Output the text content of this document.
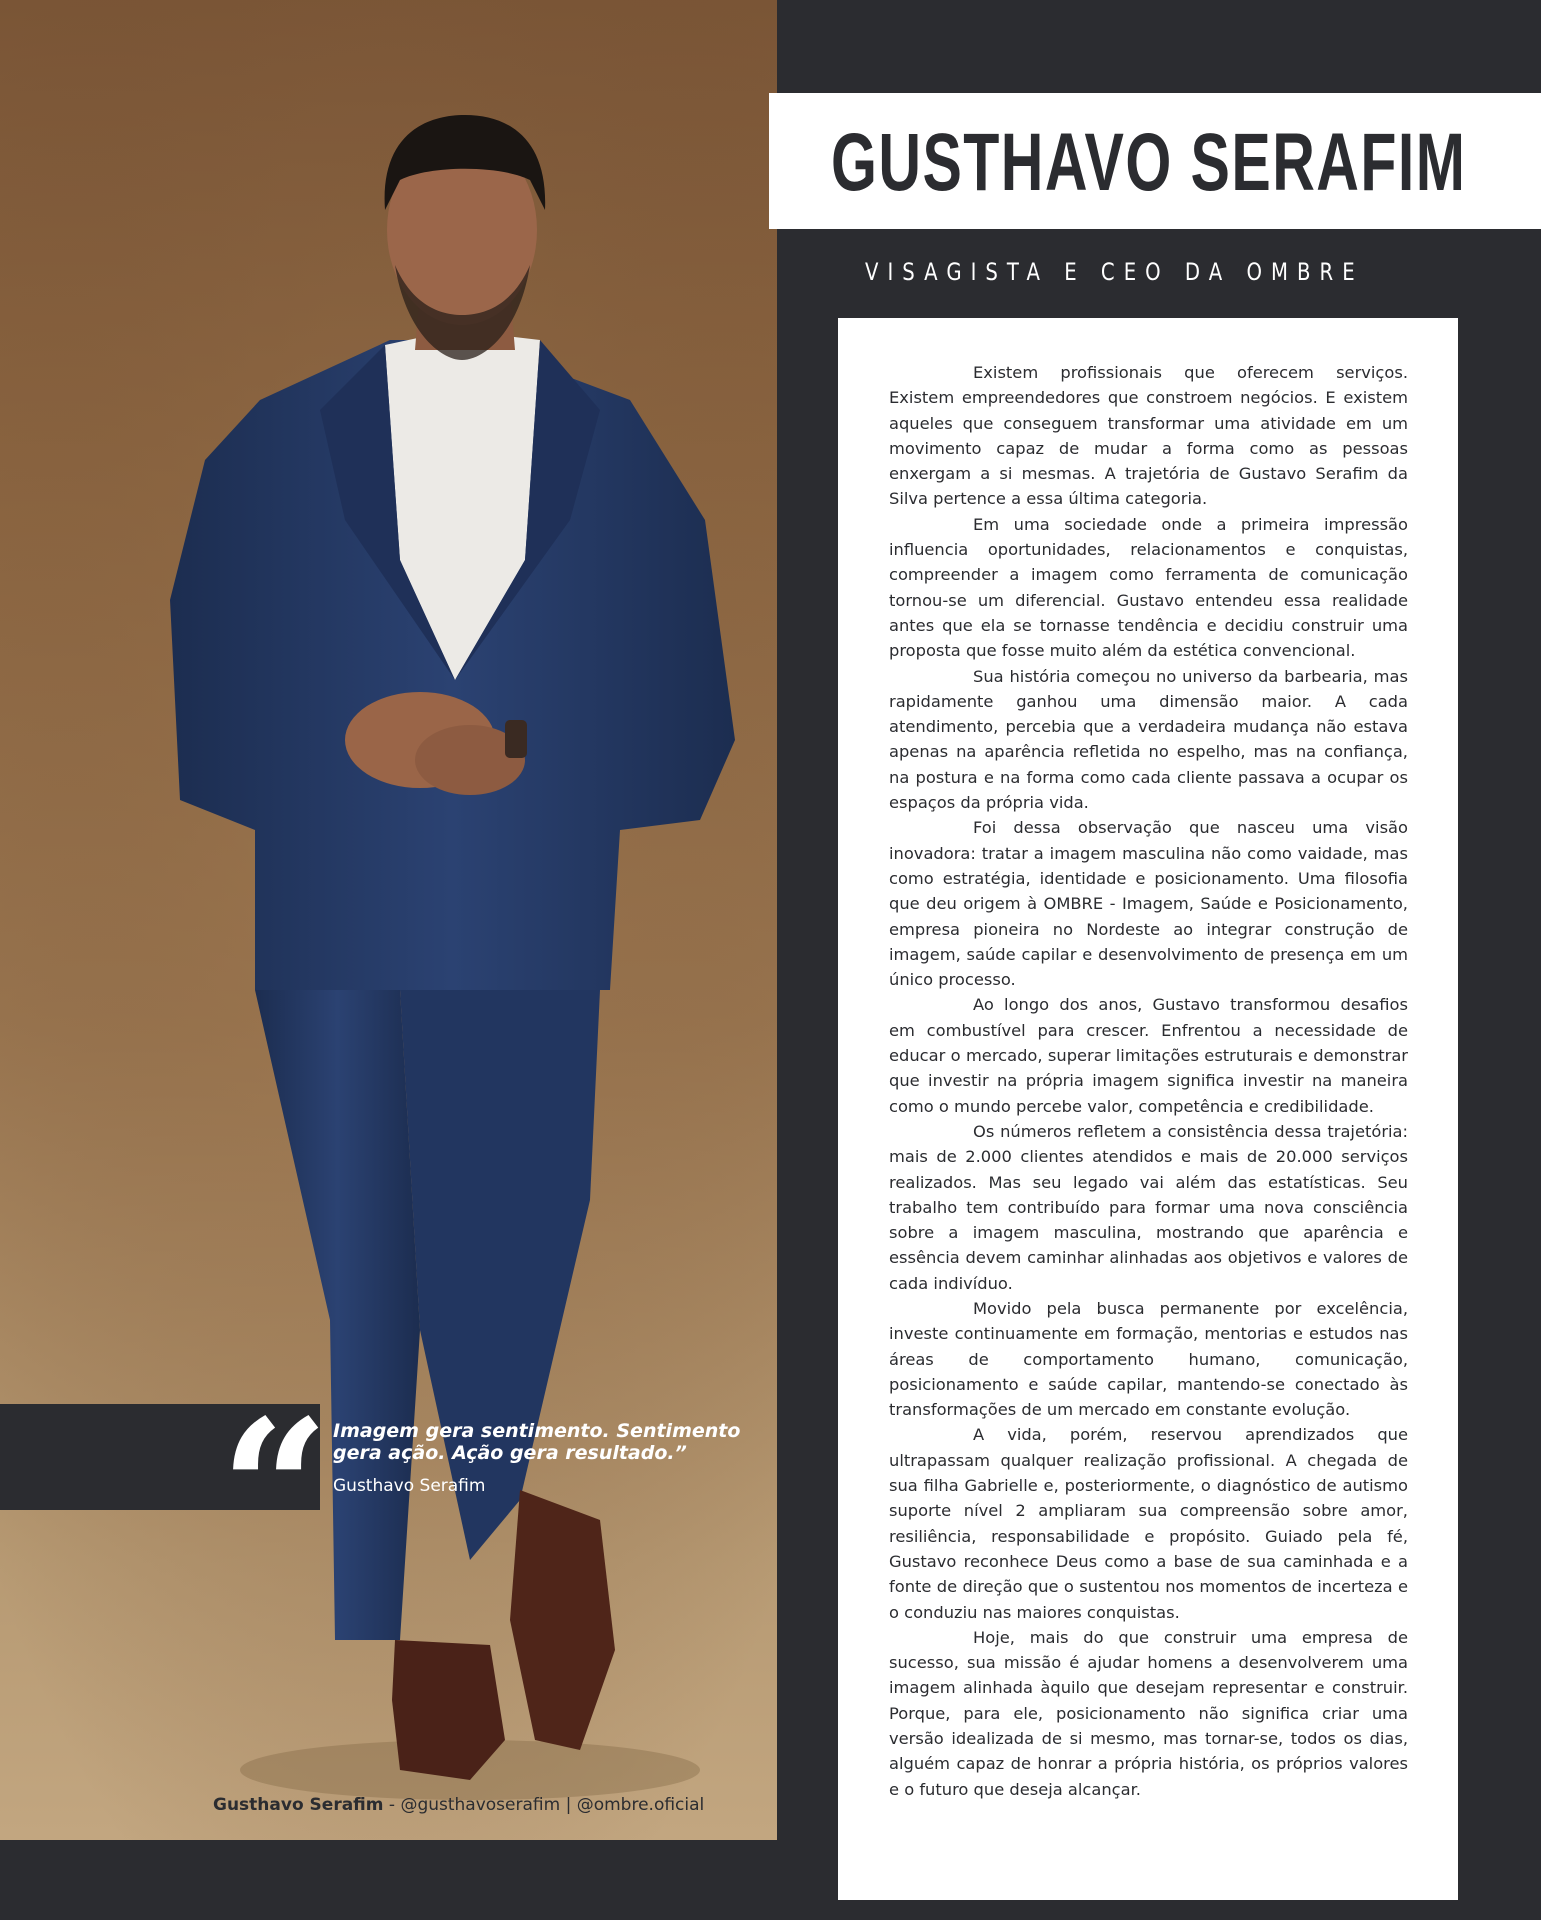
“ Imagem gera sentimento. Sentimento gera ação. Ação gera resultado.”
Gusthavo Serafim
Gusthavo Serafim - @gusthavoserafim | @ombre.oficial
GUSTHAVO SERAFIM
VISAGISTA E CEO DA OMBRE

Existem profissionais que oferecem serviços. Existem empreendedores que constroem negócios. E existem aqueles que conseguem transformar uma atividade em um movimento capaz de mudar a forma como as pessoas enxergam a si mesmas. A trajetória de Gustavo Serafim da Silva pertence a essa última categoria.

Em uma sociedade onde a primeira impressão influencia oportunidades, relacionamentos e conquistas, compreender a imagem como ferramenta de comunicação tornou-se um diferencial. Gustavo entendeu essa realidade antes que ela se tornasse tendência e decidiu construir uma proposta que fosse muito além da estética convencional.

Sua história começou no universo da barbearia, mas rapidamente ganhou uma dimensão maior. A cada atendimento, percebia que a verdadeira mudança não estava apenas na aparência refletida no espelho, mas na confiança, na postura e na forma como cada cliente passava a ocupar os espaços da própria vida.

Foi dessa observação que nasceu uma visão inovadora: tratar a imagem masculina não como vaidade, mas como estratégia, identidade e posicionamento. Uma filosofia que deu origem à OMBRE - Imagem, Saúde e Posicionamento, empresa pioneira no Nordeste ao integrar construção de imagem, saúde capilar e desenvolvimento de presença em um único processo.

Ao longo dos anos, Gustavo transformou desafios em combustível para crescer. Enfrentou a necessidade de educar o mercado, superar limitações estruturais e demonstrar que investir na própria imagem significa investir na maneira como o mundo percebe valor, competência e credibilidade.

Os números refletem a consistência dessa trajetória: mais de 2.000 clientes atendidos e mais de 20.000 serviços realizados. Mas seu legado vai além das estatísticas. Seu trabalho tem contribuído para formar uma nova consciência sobre a imagem masculina, mostrando que aparência e essência devem caminhar alinhadas aos objetivos e valores de cada indivíduo.

Movido pela busca permanente por excelência, investe continuamente em formação, mentorias e estudos nas áreas de comportamento humano, comunicação, posicionamento e saúde capilar, mantendo-se conectado às transformações de um mercado em constante evolução.

A vida, porém, reservou aprendizados que ultrapassam qualquer realização profissional. A chegada de sua filha Gabrielle e, posteriormente, o diagnóstico de autismo suporte nível 2 ampliaram sua compreensão sobre amor, resiliência, responsabilidade e propósito. Guiado pela fé, Gustavo reconhece Deus como a base de sua caminhada e a fonte de direção que o sustentou nos momentos de incerteza e o conduziu nas maiores conquistas.

Hoje, mais do que construir uma empresa de sucesso, sua missão é ajudar homens a desenvolverem uma imagem alinhada àquilo que desejam representar e construir. Porque, para ele, posicionamento não significa criar uma versão idealizada de si mesmo, mas tornar-se, todos os dias, alguém capaz de honrar a própria história, os próprios valores e o futuro que deseja alcançar.
